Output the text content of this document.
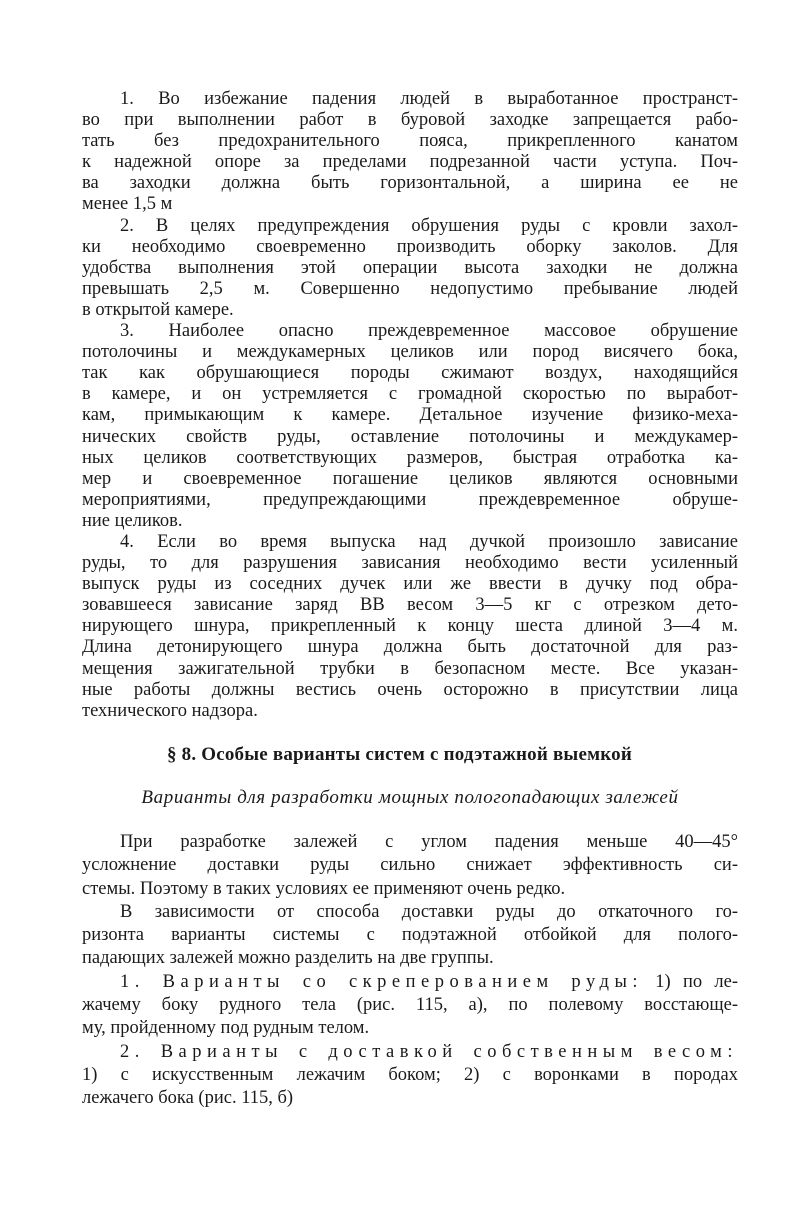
1. Во избежание падения людей в выработанное пространст-
во при выполнении работ в буровой заходке запрещается рабо-
тать без предохранительного пояса, прикрепленного канатом
к надежной опоре за пределами подрезанной части уступа. Поч-
ва заходки должна быть горизонтальной, а ширина ее не
менее 1,5 м
2. В целях предупреждения обрушения руды с кровли захол-
ки необходимо своевременно производить оборку заколов. Для
удобства выполнения этой операции высота заходки не должна
превышать 2,5 м. Совершенно недопустимо пребывание людей
в открытой камере.
3. Наиболее опасно преждевременное массовое обрушение
потолочины и междукамерных целиков или пород висячего бока,
так как обрушающиеся породы сжимают воздух, находящийся
в камере, и он устремляется с громадной скоростью по выработ-
кам, примыкающим к камере. Детальное изучение физико-меха-
нических свойств руды, оставление потолочины и междукамер-
ных целиков соответствующих размеров, быстрая отработка ка-
мер и своевременное погашение целиков являются основными
мероприятиями, предупреждающими преждевременное обруше-
ние целиков.
4. Если во время выпуска над дучкой произошло зависание
руды, то для разрушения зависания необходимо вести усиленный
выпуск руды из соседних дучек или же ввести в дучку под обра-
зовавшееся зависание заряд ВВ весом 3—5 кг с отрезком дето-
нирующего шнура, прикрепленный к концу шеста длиной 3—4 м.
Длина детонирующего шнура должна быть достаточной для раз-
мещения зажигательной трубки в безопасном месте. Все указан-
ные работы должны вестись очень осторожно в присутствии лица
технического надзора.
§ 8. Особые варианты систем с подэтажной выемкой
Варианты для разработки мощных пологопадающих залежей
При разработке залежей с углом падения меньше 40—45°
усложнение доставки руды сильно снижает эффективность си-
стемы. Поэтому в таких условиях ее применяют очень редко.
В зависимости от способа доставки руды до откаточного го-
ризонта варианты системы с подэтажной отбойкой для полого-
падающих залежей можно разделить на две группы.
1. Варианты со скреперованием руды: 1) по ле-
жачему боку рудного тела (рис. 115, а), по полевому восстающе-
му, пройденному под рудным телом.
2. Варианты с доставкой собственным весом:
1) с искусственным лежачим боком; 2) с воронками в породах
лежачего бока (рис. 115, б)
